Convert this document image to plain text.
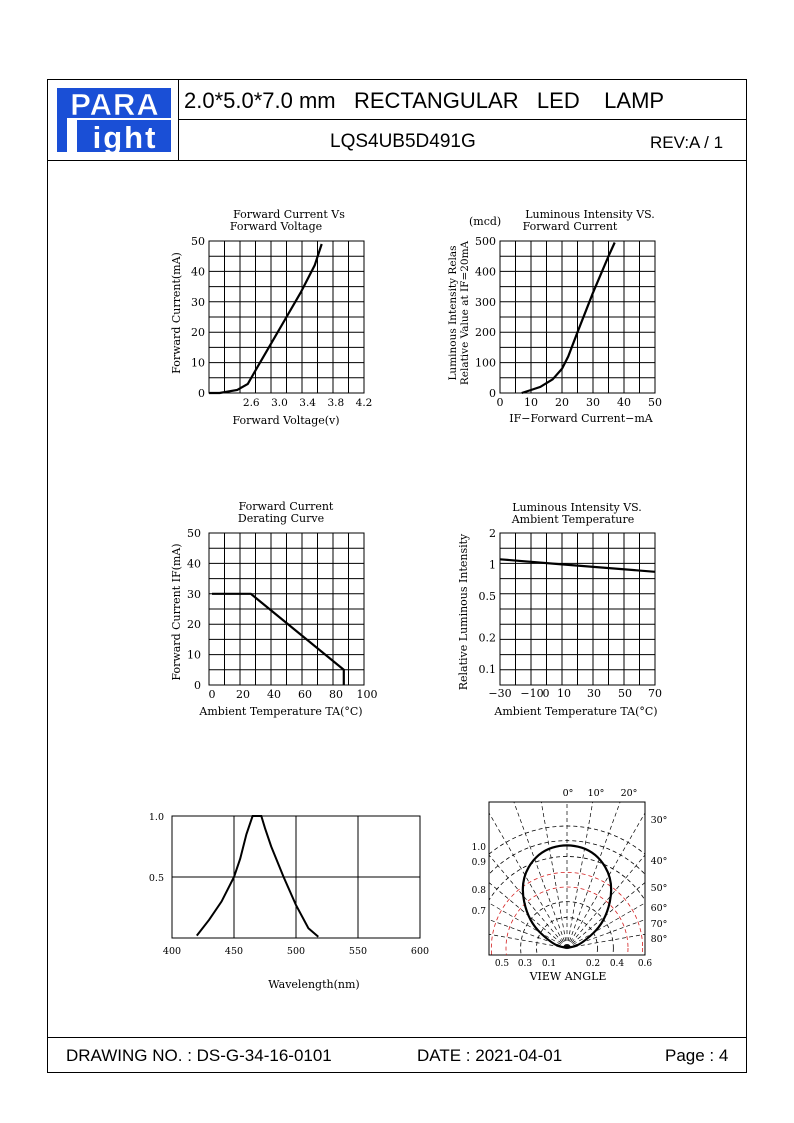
PARA
ight
2.0*5.0*7.0 mm   RECTANGULAR   LED    LAMP
LQS4UB5D491G	REV:A / 1
Forward Current Vs
Forward Voltage
2.6 3.0 3.4 3.8 4.2
0
10
20
30
40
50
Forward Voltage(v)
Forward Current(mA)
(mcd)
Luminous Intensity VS.
Forward Current
0 10 20 30 40 50
0
100
200
300
400
500
IF−Forward Current−mA
Luminous Intensity Relas Relative Value at IF=20mA
Forward Current
Derating Curve
0 20 40 60 80 100
0
10
20
30
40
50
Ambient Temperature TA(°C)
Forward Current IF(mA)
Luminous Intensity VS.
Ambient Temperature
−30 −10
0 10 30 50 70
0.1
0.2
0.5
1
2
Ambient Temperature TA(°C)
Relative Luminous Intensity
400	450	500	550	600
0.5
1.0
Wavelength(nm)
0° 10° 20°
30°
40°
50°
60°
70°
80°
1.0
0.9
0.8
0.7
0.5 0.3 0.1	0.2 0.4 0.6
VIEW ANGLE
DRAWING NO. : DS-G-34-16-0101	DATE : 2021-04-01	Page : 4
